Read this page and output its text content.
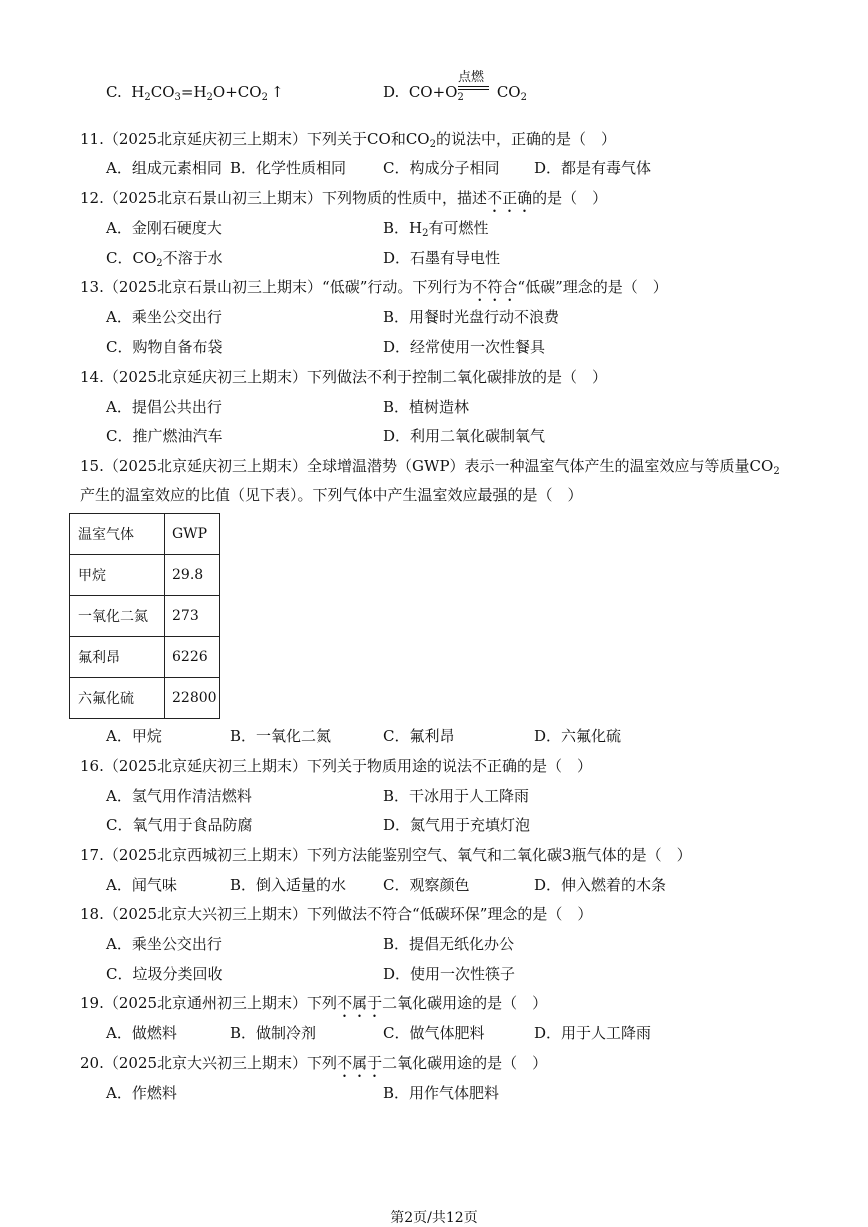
C. $H_2CO_3=H_2O+CO_2$ ↑	D. $CO+O_2$ $CO_2$
点燃
11.（2025北京延庆初三上期末）下列关于CO和$CO_2$的说法中，正确的是（　）
A．组成元素相同 B．化学性质相同 C．构成分子相同 D．都是有毒气体
12.（2025北京石景山初三上期末）下列物质的性质中，描述不正确的是（　）
A．金刚石硬度大	B．$H_2$有可燃性
C．$CO_2$不溶于水	D．石墨有导电性
13.（2025北京石景山初三上期末）“低碳”行动。下列行为不符合“低碳”理念的是（　）
A．乘坐公交出行	B．用餐时光盘行动不浪费
C．购物自备布袋	D．经常使用一次性餐具
14.（2025北京延庆初三上期末）下列做法不利于控制二氧化碳排放的是（　）
A．提倡公共出行	B．植树造林
C．推广燃油汽车	D．利用二氧化碳制氧气
15.（2025北京延庆初三上期末）全球增温潜势（GWP）表示一种温室气体产生的温室效应与等质量$CO_2$
产生的温室效应的比值（见下表）。下列气体中产生温室效应最强的是（　）
温室气体	GWP
甲烷	29.8
一氧化二氮	273
氟利昂	6226
六氟化硫	22800
A．甲烷	B．一氧化二氮	C．氟利昂	D．六氟化硫
16.（2025北京延庆初三上期末）下列关于物质用途的说法不正确的是（　）
A．氢气用作清洁燃料	B．干冰用于人工降雨
C．氧气用于食品防腐	D．氮气用于充填灯泡
17.（2025北京西城初三上期末）下列方法能鉴别空气、氧气和二氧化碳3瓶气体的是（　）
A．闻气味	B．倒入适量的水 C．观察颜色	D．伸入燃着的木条
18.（2025北京大兴初三上期末）下列做法不符合“低碳环保”理念的是（　）
A．乘坐公交出行	B．提倡无纸化办公
C．垃圾分类回收	D．使用一次性筷子
19.（2025北京通州初三上期末）下列不属于二氧化碳用途的是（　）
A．做燃料	B．做制冷剂	C．做气体肥料	D．用于人工降雨
20.（2025北京大兴初三上期末）下列不属于二氧化碳用途的是（　）
A．作燃料	B．用作气体肥料
第2页/共12页
